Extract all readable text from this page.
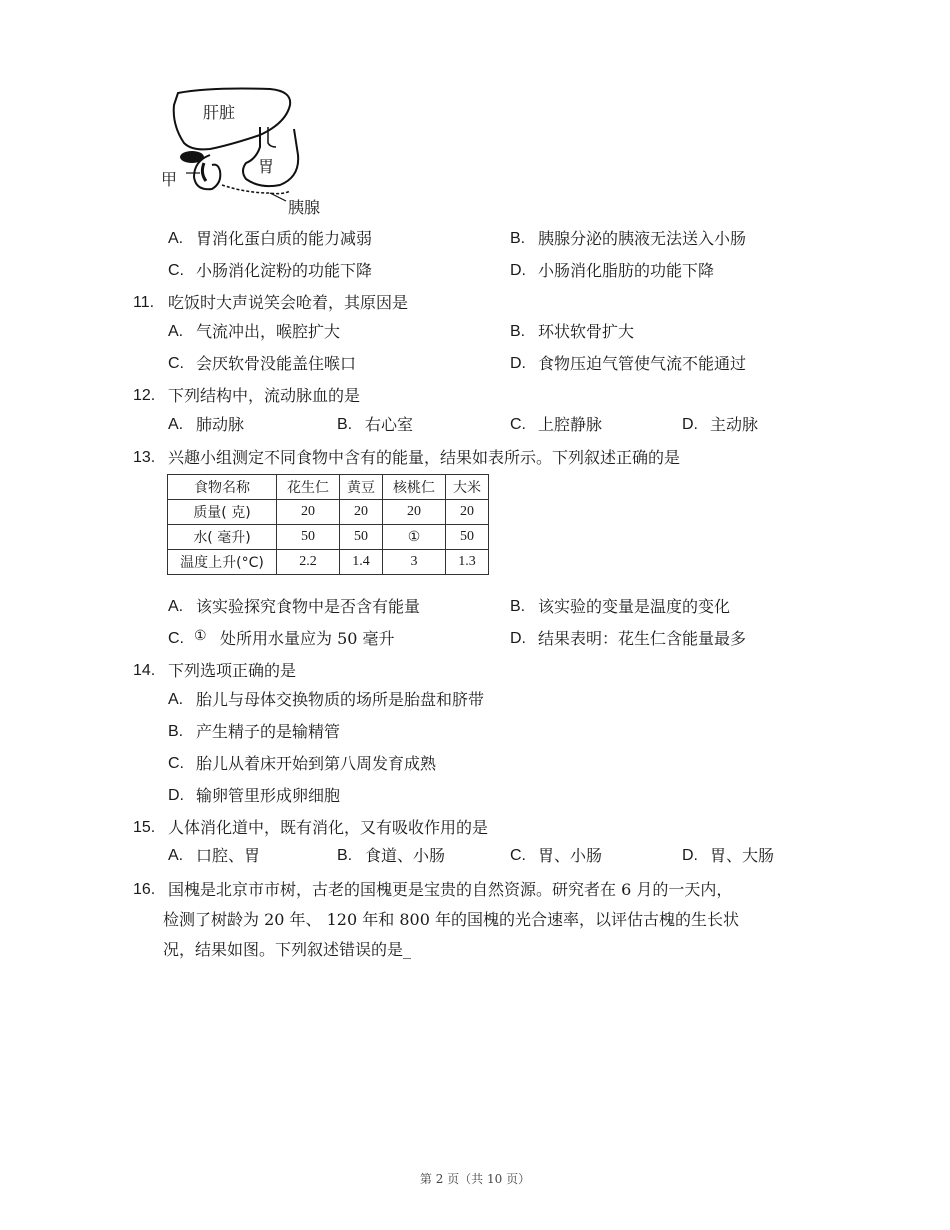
肝脏
胃
甲
胰腺
A. 胃消化蛋白质的能力减弱	B. 胰腺分泌的胰液无法送入小肠
C. 小肠消化淀粉的功能下降	D. 小肠消化脂肪的功能下降
11. 吃饭时大声说笑会呛着，其原因是
A. 气流冲出，喉腔扩大	B. 环状软骨扩大
C. 会厌软骨没能盖住喉口	D. 食物压迫气管使气流不能通过
12. 下列结构中，流动脉血的是
A. 肺动脉	B. 右心室	C. 上腔静脉	D. 主动脉
13. 兴趣小组测定不同食物中含有的能量，结果如表所示。下列叙述正确的是
食物名称	花生仁	黄豆	核桃仁	大米
质量( 克)	20	20	20	20
水( 毫升)	50	50	①	50
温度上升(°C)	2.2	1.4	3	1.3
A. 该实验探究食物中是否含有能量	B. 该实验的变量是温度的变化
C. ① 处所用水量应为 50 毫升	D. 结果表明：花生仁含能量最多
14. 下列选项正确的是
A. 胎儿与母体交换物质的场所是胎盘和脐带
B. 产生精子的是输精管
C. 胎儿从着床开始到第八周发育成熟
D. 输卵管里形成卵细胞
15. 人体消化道中，既有消化，又有吸收作用的是
A. 口腔、胃	B. 食道、小肠	C. 胃、小肠	D. 胃、大肠
16. 国槐是北京市市树，古老的国槐更是宝贵的自然资源。研究者在 6 月的一天内，
检测了树龄为 20 年、 120 年和 800 年的国槐的光合速率，以评估古槐的生长状
况，结果如图。下列叙述错误的是_
第 2 页（共 10 页）
